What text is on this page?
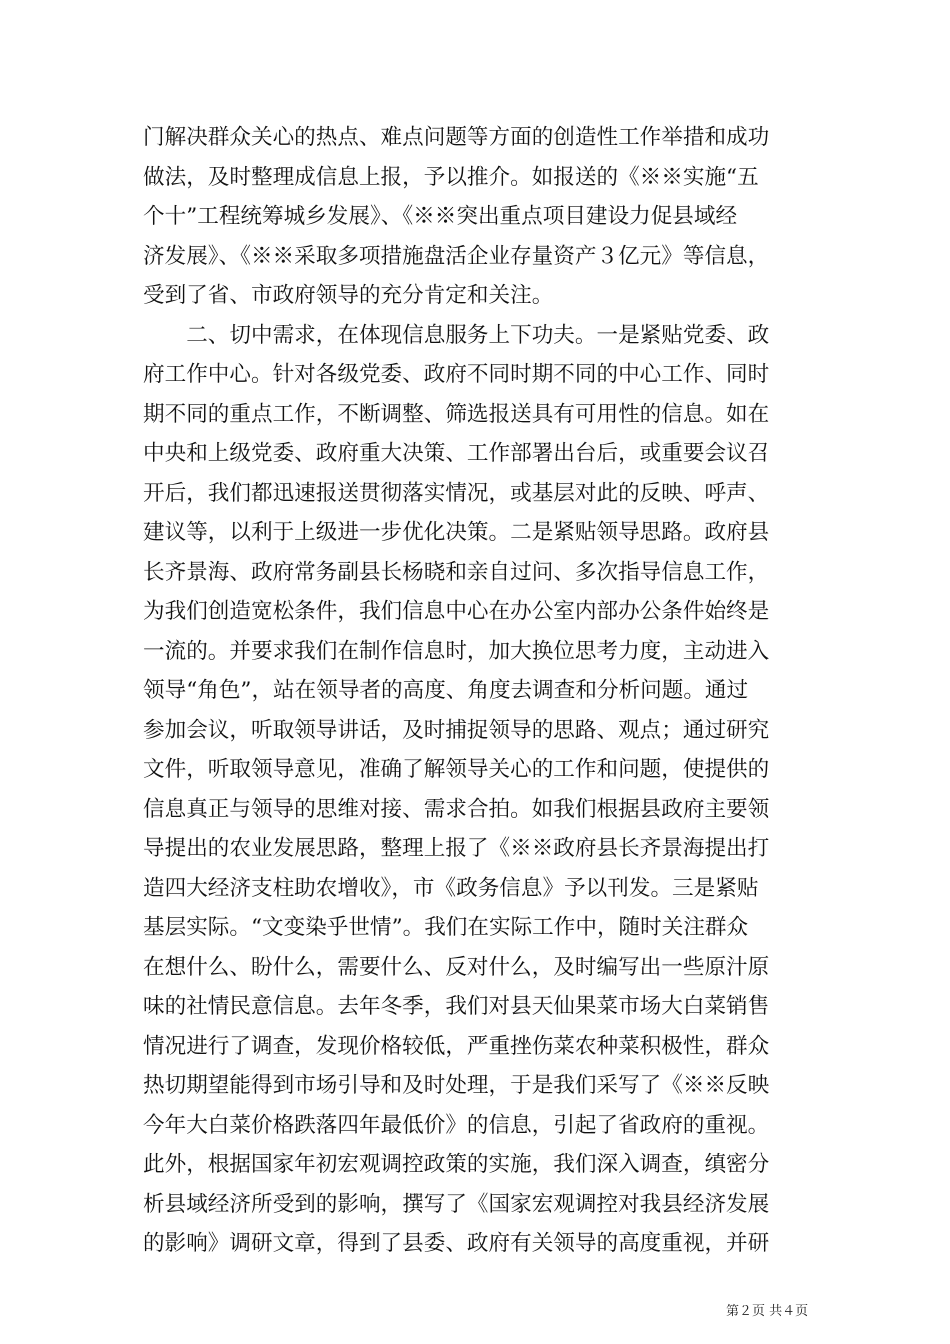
门解决群众关心的热点、难点问题等方面的创造性工作举措和成功
做法，及时整理成信息上报，予以推介。如报送的《※※实施“五
个十”工程统筹城乡发展》、《※※突出重点项目建设力促县域经
济发展》、《※※采取多项措施盘活企业存量资产３亿元》等信息，
受到了省、市政府领导的充分肯定和关注。
　　二、切中需求，在体现信息服务上下功夫。一是紧贴党委、政
府工作中心。针对各级党委、政府不同时期不同的中心工作、同时
期不同的重点工作，不断调整、筛选报送具有可用性的信息。如在
中央和上级党委、政府重大决策、工作部署出台后，或重要会议召
开后，我们都迅速报送贯彻落实情况，或基层对此的反映、呼声、
建议等，以利于上级进一步优化决策。二是紧贴领导思路。政府县
长齐景海、政府常务副县长杨晓和亲自过问、多次指导信息工作，
为我们创造宽松条件，我们信息中心在办公室内部办公条件始终是
一流的。并要求我们在制作信息时，加大换位思考力度，主动进入
领导“角色”，站在领导者的高度、角度去调查和分析问题。通过
参加会议，听取领导讲话，及时捕捉领导的思路、观点；通过研究
文件，听取领导意见，准确了解领导关心的工作和问题，使提供的
信息真正与领导的思维对接、需求合拍。如我们根据县政府主要领
导提出的农业发展思路，整理上报了《※※政府县长齐景海提出打
造四大经济支柱助农增收》，市《政务信息》予以刊发。三是紧贴
基层实际。“文变染乎世情”。我们在实际工作中，随时关注群众
在想什么、盼什么，需要什么、反对什么，及时编写出一些原汁原
味的社情民意信息。去年冬季，我们对县天仙果菜市场大白菜销售
情况进行了调查，发现价格较低，严重挫伤菜农种菜积极性，群众
热切期望能得到市场引导和及时处理，于是我们采写了《※※反映
今年大白菜价格跌落四年最低价》的信息，引起了省政府的重视。
此外，根据国家年初宏观调控政策的实施，我们深入调查，缜密分
析县域经济所受到的影响，撰写了《国家宏观调控对我县经济发展
的影响》调研文章，得到了县委、政府有关领导的高度重视，并研
第２页 共４页
